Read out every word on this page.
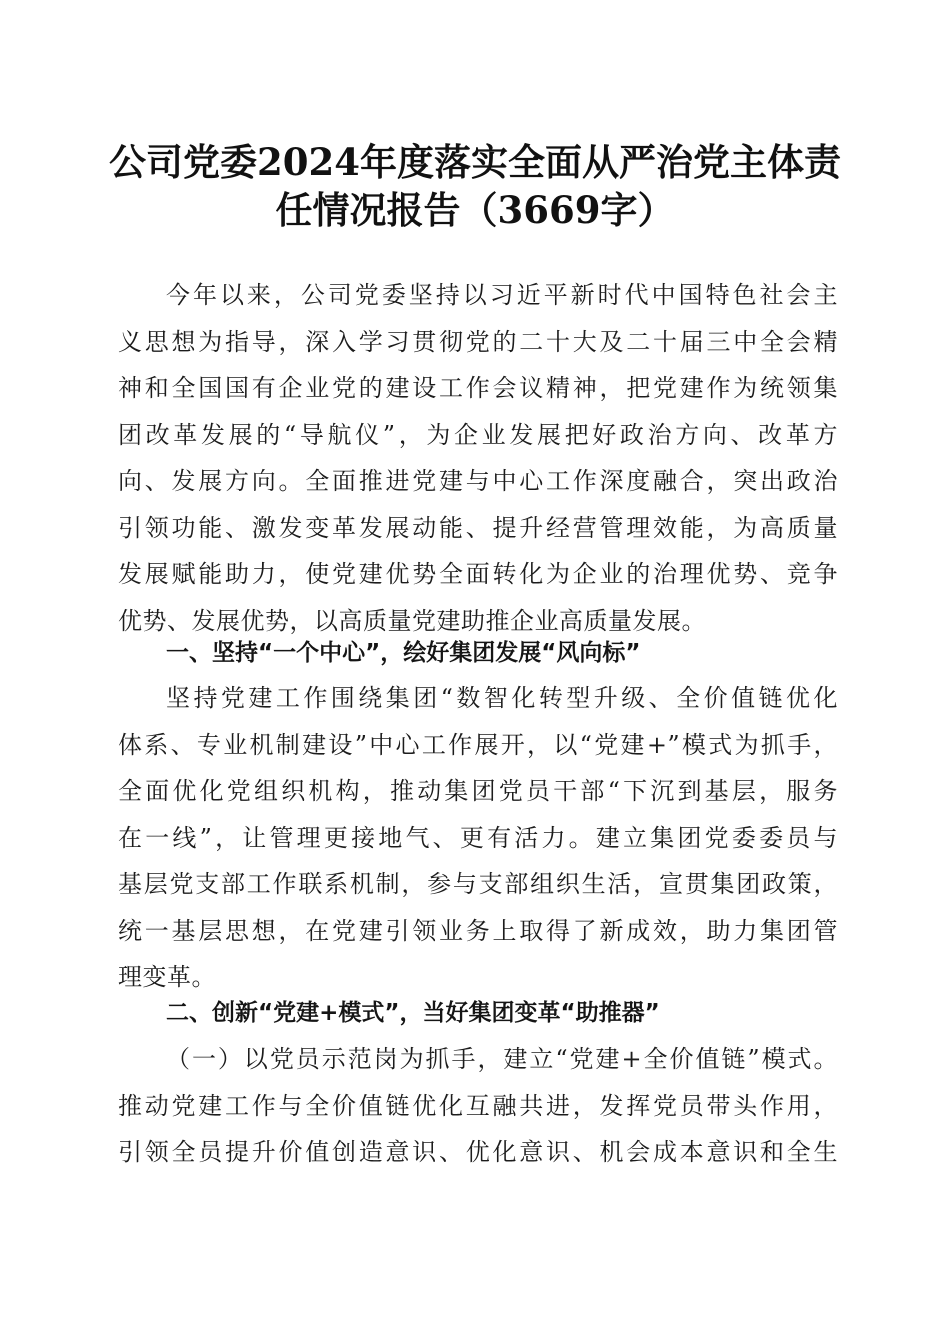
公司党委2024年度落实全面从严治党主体责
任情况报告（3669字）
今年以来，公司党委坚持以习近平新时代中国特色社会主
义思想为指导，深入学习贯彻党的二十大及二十届三中全会精
神和全国国有企业党的建设工作会议精神，把党建作为统领集
团改革发展的“导航仪”，为企业发展把好政治方向、改革方
向、发展方向。全面推进党建与中心工作深度融合，突出政治
引领功能、激发变革发展动能、提升经营管理效能，为高质量
发展赋能助力，使党建优势全面转化为企业的治理优势、竞争
优势、发展优势，以高质量党建助推企业高质量发展。
一、坚持“一个中心”，绘好集团发展“风向标”
坚持党建工作围绕集团“数智化转型升级、全价值链优化
体系、专业机制建设”中心工作展开，以“党建+”模式为抓手，
全面优化党组织机构，推动集团党员干部“下沉到基层，服务
在一线”，让管理更接地气、更有活力。建立集团党委委员与
基层党支部工作联系机制，参与支部组织生活，宣贯集团政策，
统一基层思想，在党建引领业务上取得了新成效，助力集团管
理变革。
二、创新“党建+模式”，当好集团变革“助推器”
（一）以党员示范岗为抓手，建立“党建+全价值链”模式。
推动党建工作与全价值链优化互融共进，发挥党员带头作用，
引领全员提升价值创造意识、优化意识、机会成本意识和全生
